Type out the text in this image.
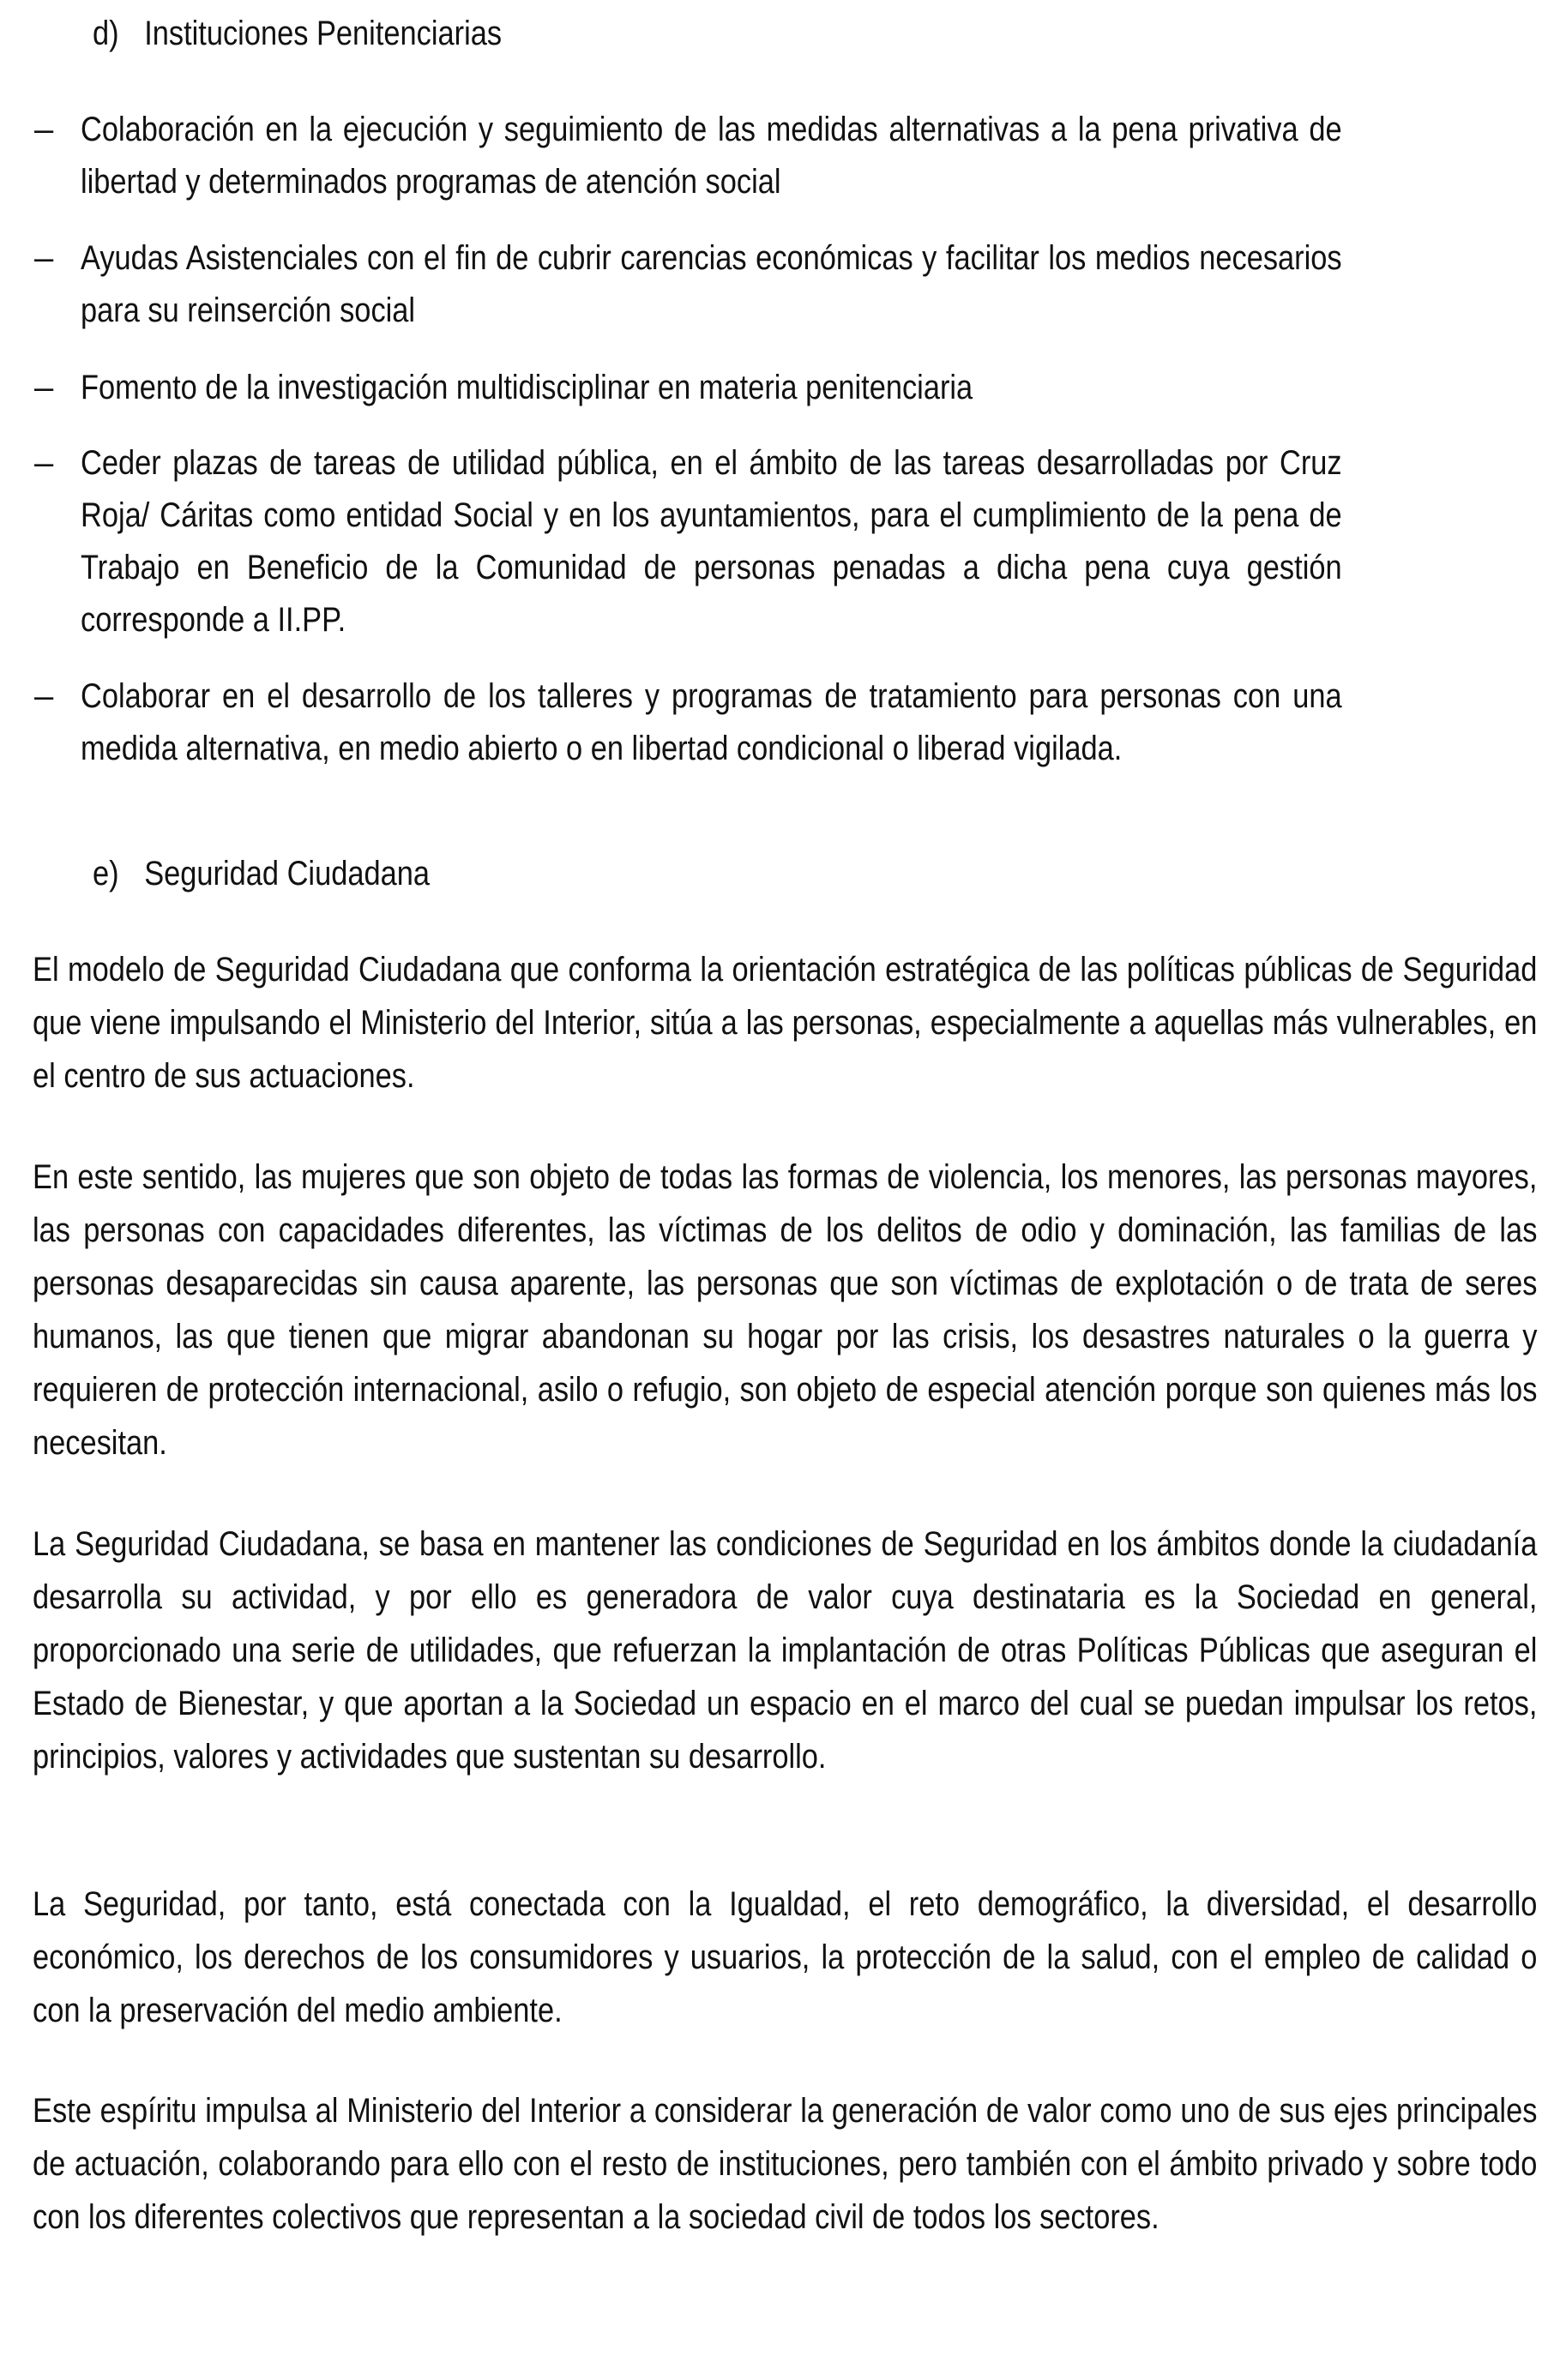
d) Instituciones Penitenciarias
– Colaboración en la ejecución y seguimiento de las medidas alternativas a la pena privativa de libertad y determinados programas de atención social
– Ayudas Asistenciales con el fin de cubrir carencias económicas y facilitar los medios necesarios para su reinserción social
– Fomento de la investigación multidisciplinar en materia penitenciaria
– Ceder plazas de tareas de utilidad pública, en el ámbito de las tareas desarrolladas por Cruz Roja/ Cáritas como entidad Social y en los ayuntamientos, para el cumplimiento de la pena de Trabajo en Beneficio de la Comunidad de personas penadas a dicha pena cuya gestión corresponde a II.PP.
– Colaborar en el desarrollo de los talleres y programas de tratamiento para personas con una medida alternativa, en medio abierto o en libertad condicional o liberad vigilada.
e) Seguridad Ciudadana
El modelo de Seguridad Ciudadana que conforma la orientación estratégica de las políticas públicas de Seguridad que viene impulsando el Ministerio del Interior, sitúa a las personas, especialmente a aquellas más vulnerables, en el centro de sus actuaciones.
En este sentido, las mujeres que son objeto de todas las formas de violencia, los menores, las personas mayores, las personas con capacidades diferentes, las víctimas de los delitos de odio y dominación, las familias de las personas desaparecidas sin causa aparente, las personas que son víctimas de explotación o de trata de seres humanos, las que tienen que migrar abandonan su hogar por las crisis, los desastres naturales o la guerra y requieren de protección internacional, asilo o refugio, son objeto de especial atención porque son quienes más los necesitan.
La Seguridad Ciudadana, se basa en mantener las condiciones de Seguridad en los ámbitos donde la ciudadanía desarrolla su actividad, y por ello es generadora de valor cuya destinataria es la Sociedad en general, proporcionado una serie de utilidades, que refuerzan la implantación de otras Políticas Públicas que aseguran el Estado de Bienestar, y que aportan a la Sociedad un espacio en el marco del cual se puedan impulsar los retos, principios, valores y actividades que sustentan su desarrollo.
La Seguridad, por tanto, está conectada con la Igualdad, el reto demográfico, la diversidad, el desarrollo económico, los derechos de los consumidores y usuarios, la protección de la salud, con el empleo de calidad o con la preservación del medio ambiente.
Este espíritu impulsa al Ministerio del Interior a considerar la generación de valor como uno de sus ejes principales de actuación, colaborando para ello con el resto de instituciones, pero también con el ámbito privado y sobre todo con los diferentes colectivos que representan a la sociedad civil de todos los sectores.
